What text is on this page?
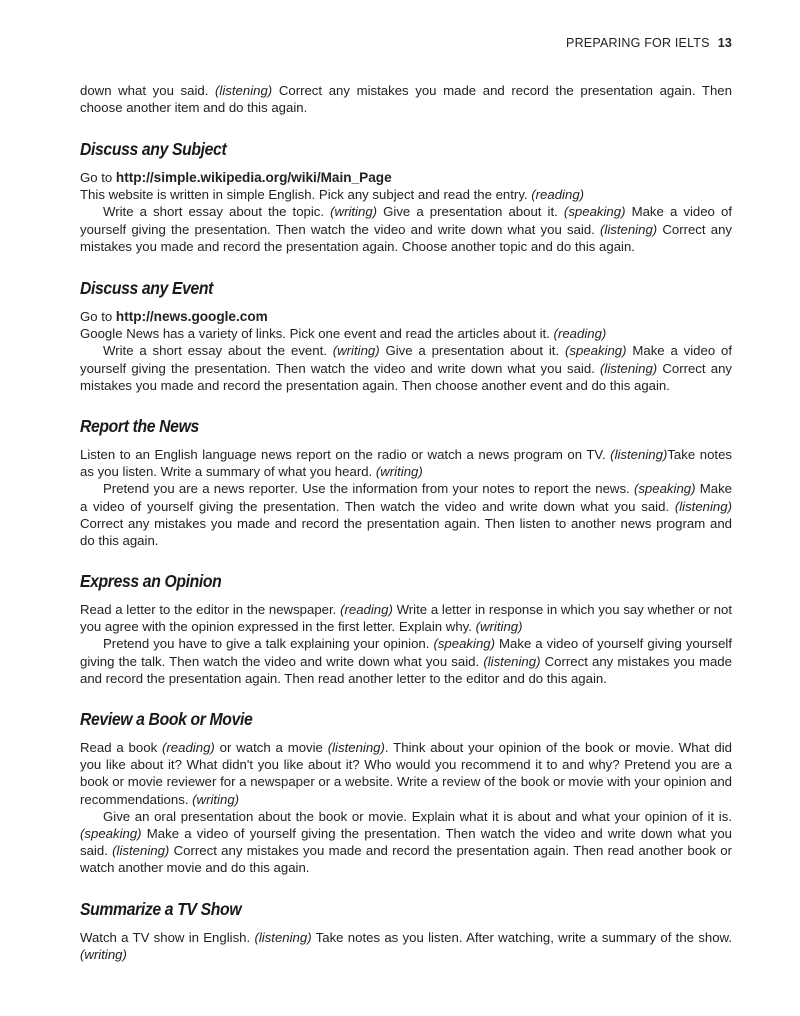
PREPARING FOR IELTS 13

down what you said. (listening) Correct any mistakes you made and record the presentation again. Then choose another item and do this again.

Discuss any Subject

Go to http://simple.wikipedia.org/wiki/Main_Page

This website is written in simple English. Pick any subject and read the entry. (reading)

Write a short essay about the topic. (writing) Give a presentation about it. (speaking) Make a video of yourself giving the presentation. Then watch the video and write down what you said. (listening) Correct any mistakes you made and record the presentation again. Choose another topic and do this again.

Discuss any Event

Go to http://news.google.com

Google News has a variety of links. Pick one event and read the articles about it. (reading)

Write a short essay about the event. (writing) Give a presentation about it. (speaking) Make a video of yourself giving the presentation. Then watch the video and write down what you said. (listening) Correct any mistakes you made and record the presentation again. Then choose another event and do this again.

Report the News

Listen to an English language news report on the radio or watch a news program on TV. (listening)Take notes as you listen. Write a summary of what you heard. (writing)

Pretend you are a news reporter. Use the information from your notes to report the news. (speaking) Make a video of yourself giving the presentation. Then watch the video and write down what you said. (listening) Correct any mistakes you made and record the presentation again. Then listen to another news program and do this again.

Express an Opinion

Read a letter to the editor in the newspaper. (reading) Write a letter in response in which you say whether or not you agree with the opinion expressed in the first letter. Explain why. (writing)

Pretend you have to give a talk explaining your opinion. (speaking) Make a video of yourself giving yourself giving the talk. Then watch the video and write down what you said. (listening) Correct any mistakes you made and record the presentation again. Then read another letter to the editor and do this again.

Review a Book or Movie

Read a book (reading) or watch a movie (listening). Think about your opinion of the book or movie. What did you like about it? What didn't you like about it? Who would you recommend it to and why? Pretend you are a book or movie reviewer for a newspaper or a website. Write a review of the book or movie with your opinion and recommendations. (writing)

Give an oral presentation about the book or movie. Explain what it is about and what your opinion of it is. (speaking) Make a video of yourself giving the presentation. Then watch the video and write down what you said. (listening) Correct any mistakes you made and record the presentation again. Then read another book or watch another movie and do this again.

Summarize a TV Show

Watch a TV show in English. (listening) Take notes as you listen. After watching, write a summary of the show. (writing)
